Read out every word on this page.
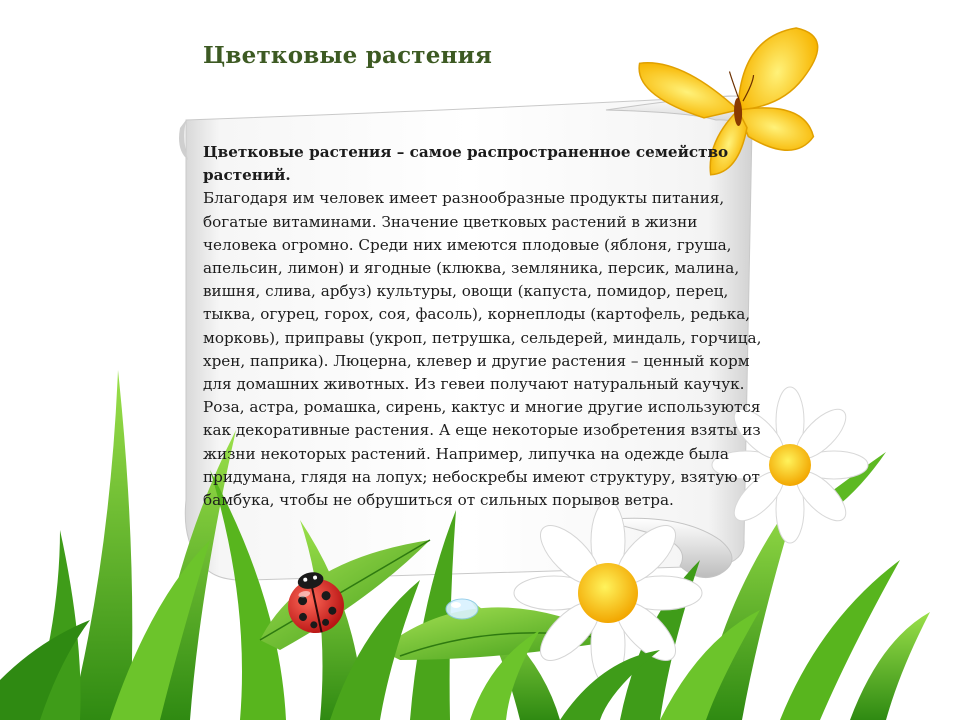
Цветковые растения
Цветковые растения – самое распространенное семейство растений.
Благодаря им человек имеет разнообразные продукты питания, богатые витаминами. Значение цветковых растений в жизни человека огромно. Среди них имеются плодовые (яблоня, груша, апельсин, лимон) и ягодные (клюква, земляника, персик, малина, вишня, слива, арбуз) культуры, овощи (капуста, помидор, перец, тыква, огурец, горох, соя, фасоль), корнеплоды (картофель, редька, морковь), приправы (укроп, петрушка, сельдерей, миндаль, горчица, хрен, паприка). Люцерна, клевер и другие растения – ценный корм для домашних животных. Из гевеи получают натуральный каучук. Роза, астра, ромашка, сирень, кактус и многие другие используются как декоративные растения. А еще некоторые изобретения взяты из жизни некоторых растений. Например, липучка на одежде была придумана, глядя на лопух; небоскребы имеют структуру, взятую от бамбука, чтобы не обрушиться от сильных порывов ветра.
